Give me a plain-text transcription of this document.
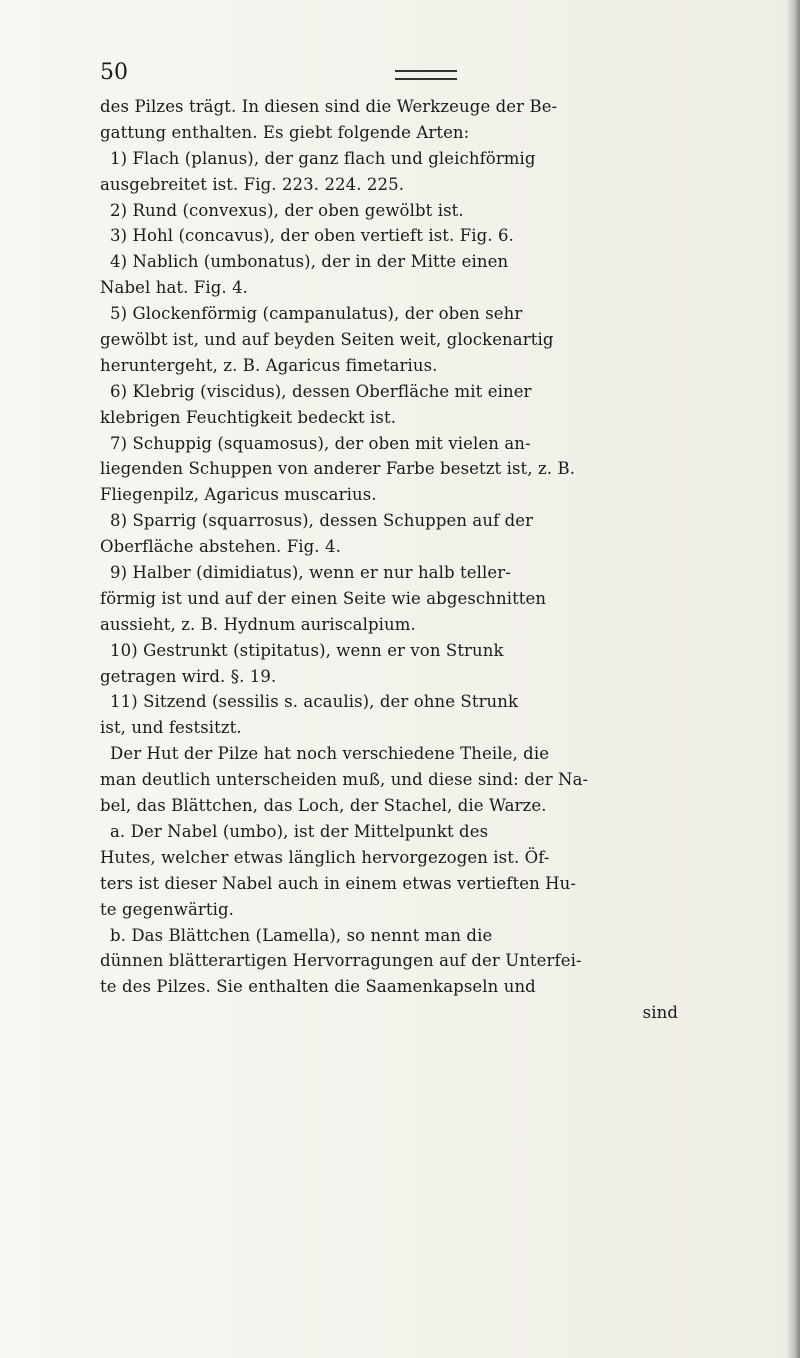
50
des Pilzes trägt. In diesen sind die Werkzeuge der Be-
gattung enthalten. Es giebt folgende Arten:
1) Flach (planus), der ganz flach und gleichförmig
ausgebreitet ist. Fig. 223. 224. 225.
2) Rund (convexus), der oben gewölbt ist.
3) Hohl (concavus), der oben vertieft ist. Fig. 6.
4) Nablich (umbonatus), der in der Mitte einen
Nabel hat. Fig. 4.
5) Glockenförmig (campanulatus), der oben sehr
gewölbt ist, und auf beyden Seiten weit, glockenartig
heruntergeht, z. B. Agaricus fimetarius.
6) Klebrig (viscidus), dessen Oberfläche mit einer
klebrigen Feuchtigkeit bedeckt ist.
7) Schuppig (squamosus), der oben mit vielen an-
liegenden Schuppen von anderer Farbe besetzt ist, z. B.
Fliegenpilz, Agaricus muscarius.
8) Sparrig (squarrosus), dessen Schuppen auf der
Oberfläche abstehen. Fig. 4.
9) Halber (dimidiatus), wenn er nur halb teller-
förmig ist und auf der einen Seite wie abgeschnitten
aussieht, z. B. Hydnum auriscalpium.
10) Gestrunkt (stipitatus), wenn er von Strunk
getragen wird. §. 19.
11) Sitzend (sessilis s. acaulis), der ohne Strunk
ist, und festsitzt.
Der Hut der Pilze hat noch verschiedene Theile, die
man deutlich unterscheiden muß, und diese sind: der Na-
bel, das Blättchen, das Loch, der Stachel, die Warze.
a. Der Nabel (umbo), ist der Mittelpunkt des
Hutes, welcher etwas länglich hervorgezogen ist. Öf-
ters ist dieser Nabel auch in einem etwas vertieften Hu-
te gegenwärtig.
b. Das Blättchen (Lamella), so nennt man die
dünnen blätterartigen Hervorragungen auf der Unterfei-
te des Pilzes. Sie enthalten die Saamenkapseln und
sind
